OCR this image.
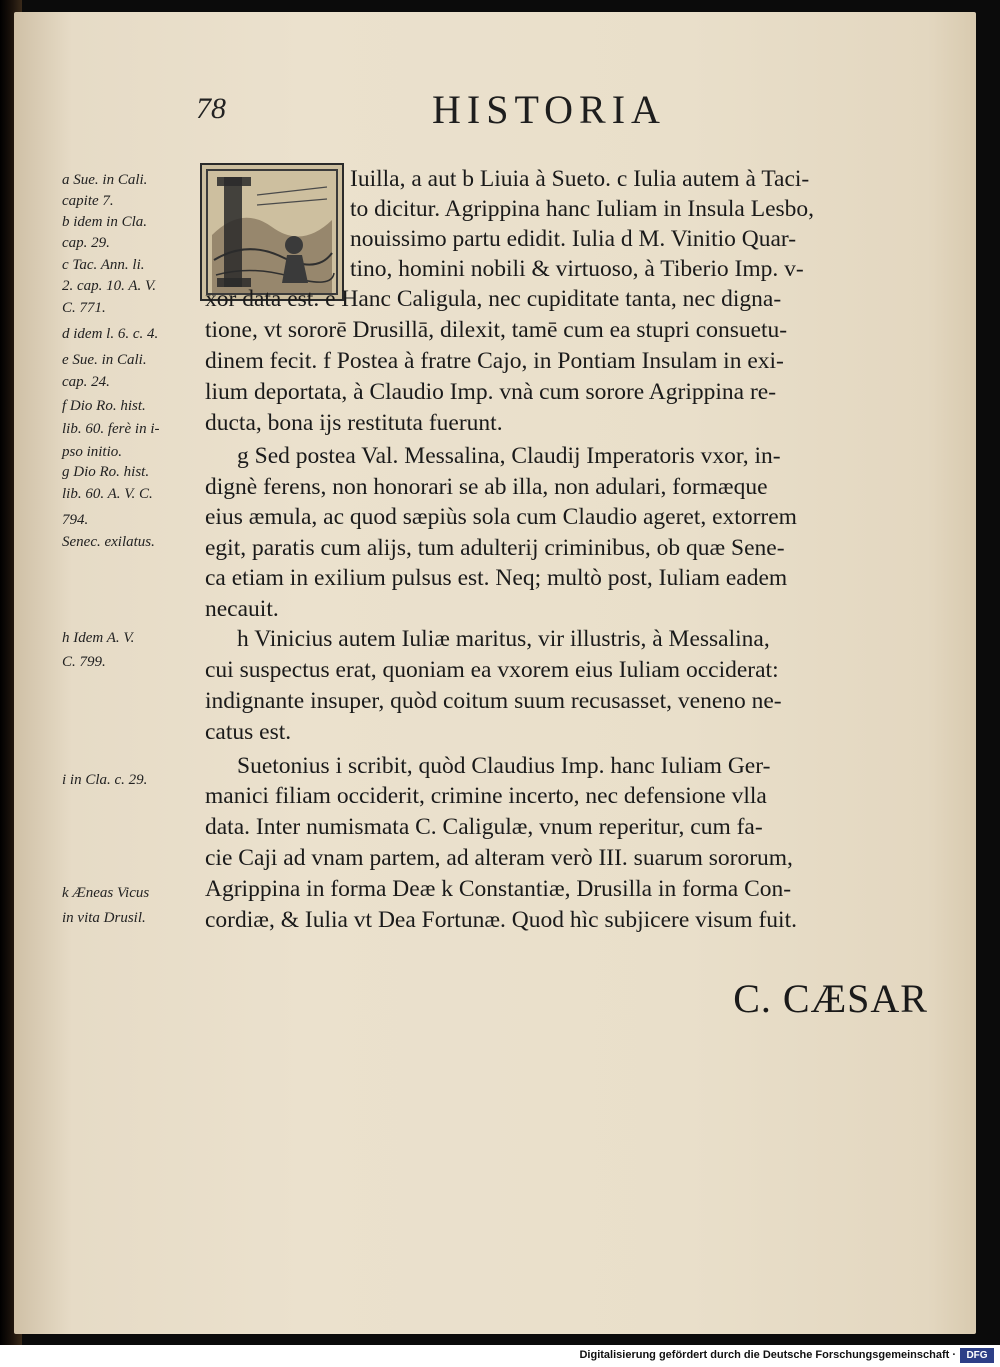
78	HISTORIA

a Sue. in Cali.

capite 7.

b idem in Cla.

cap. 29.

c Tac. Ann. li.

2. cap. 10. A. V.

C. 771.

d idem l. 6. c. 4.

e Sue. in Cali.

cap. 24.

f Dio Ro. hist.

lib. 60. ferè in i-

pso initio.

g Dio Ro. hist.

lib. 60. A. V. C.

794.

Senec. exilatus.

h Idem A. V.

C. 799.

i in Cla. c. 29.

k Æneas Vicus

in vita Drusil.

Iuilla, a aut b Liuia à Sueto. c Iulia autem à Taci-

to dicitur. Agrippina hanc Iuliam in Insula Lesbo,

nouissimo partu edidit. Iulia d M. Vinitio Quar-

tino, homini nobili & virtuoso, à Tiberio Imp. v-

xor data est. e Hanc Caligula, nec cupiditate tanta, nec digna-

tione, vt sororē Drusillā, dilexit, tamē cum ea stupri consuetu-

dinem fecit. f Postea à fratre Cajo, in Pontiam Insulam in exi-

lium deportata, à Claudio Imp. vnà cum sorore Agrippina re-

ducta, bona ijs restituta fuerunt.

g Sed postea Val. Messalina, Claudij Imperatoris vxor, in-

dignè ferens, non honorari se ab illa, non adulari, formæque

eius æmula, ac quod sæpiùs sola cum Claudio ageret, extorrem

egit, paratis cum alijs, tum adulterij criminibus, ob quæ Sene-

ca etiam in exilium pulsus est. Neq; multò post, Iuliam eadem

necauit.

h Vinicius autem Iuliæ maritus, vir illustris, à Messalina,

cui suspectus erat, quoniam ea vxorem eius Iuliam occiderat:

indignante insuper, quòd coitum suum recusasset, veneno ne-

catus est.

Suetonius i scribit, quòd Claudius Imp. hanc Iuliam Ger-

manici filiam occiderit, crimine incerto, nec defensione vlla

data. Inter numismata C. Caligulæ, vnum reperitur, cum fa-

cie Caji ad vnam partem, ad alteram verò III. suarum sororum,

Agrippina in forma Deæ k Constantiæ, Drusilla in forma Con-

cordiæ, & Iulia vt Dea Fortunæ. Quod hìc subjicere visum fuit.

C. CÆSAR
Digitalisierung gefördert durch die Deutsche Forschungsgemeinschaft ·	DFG
